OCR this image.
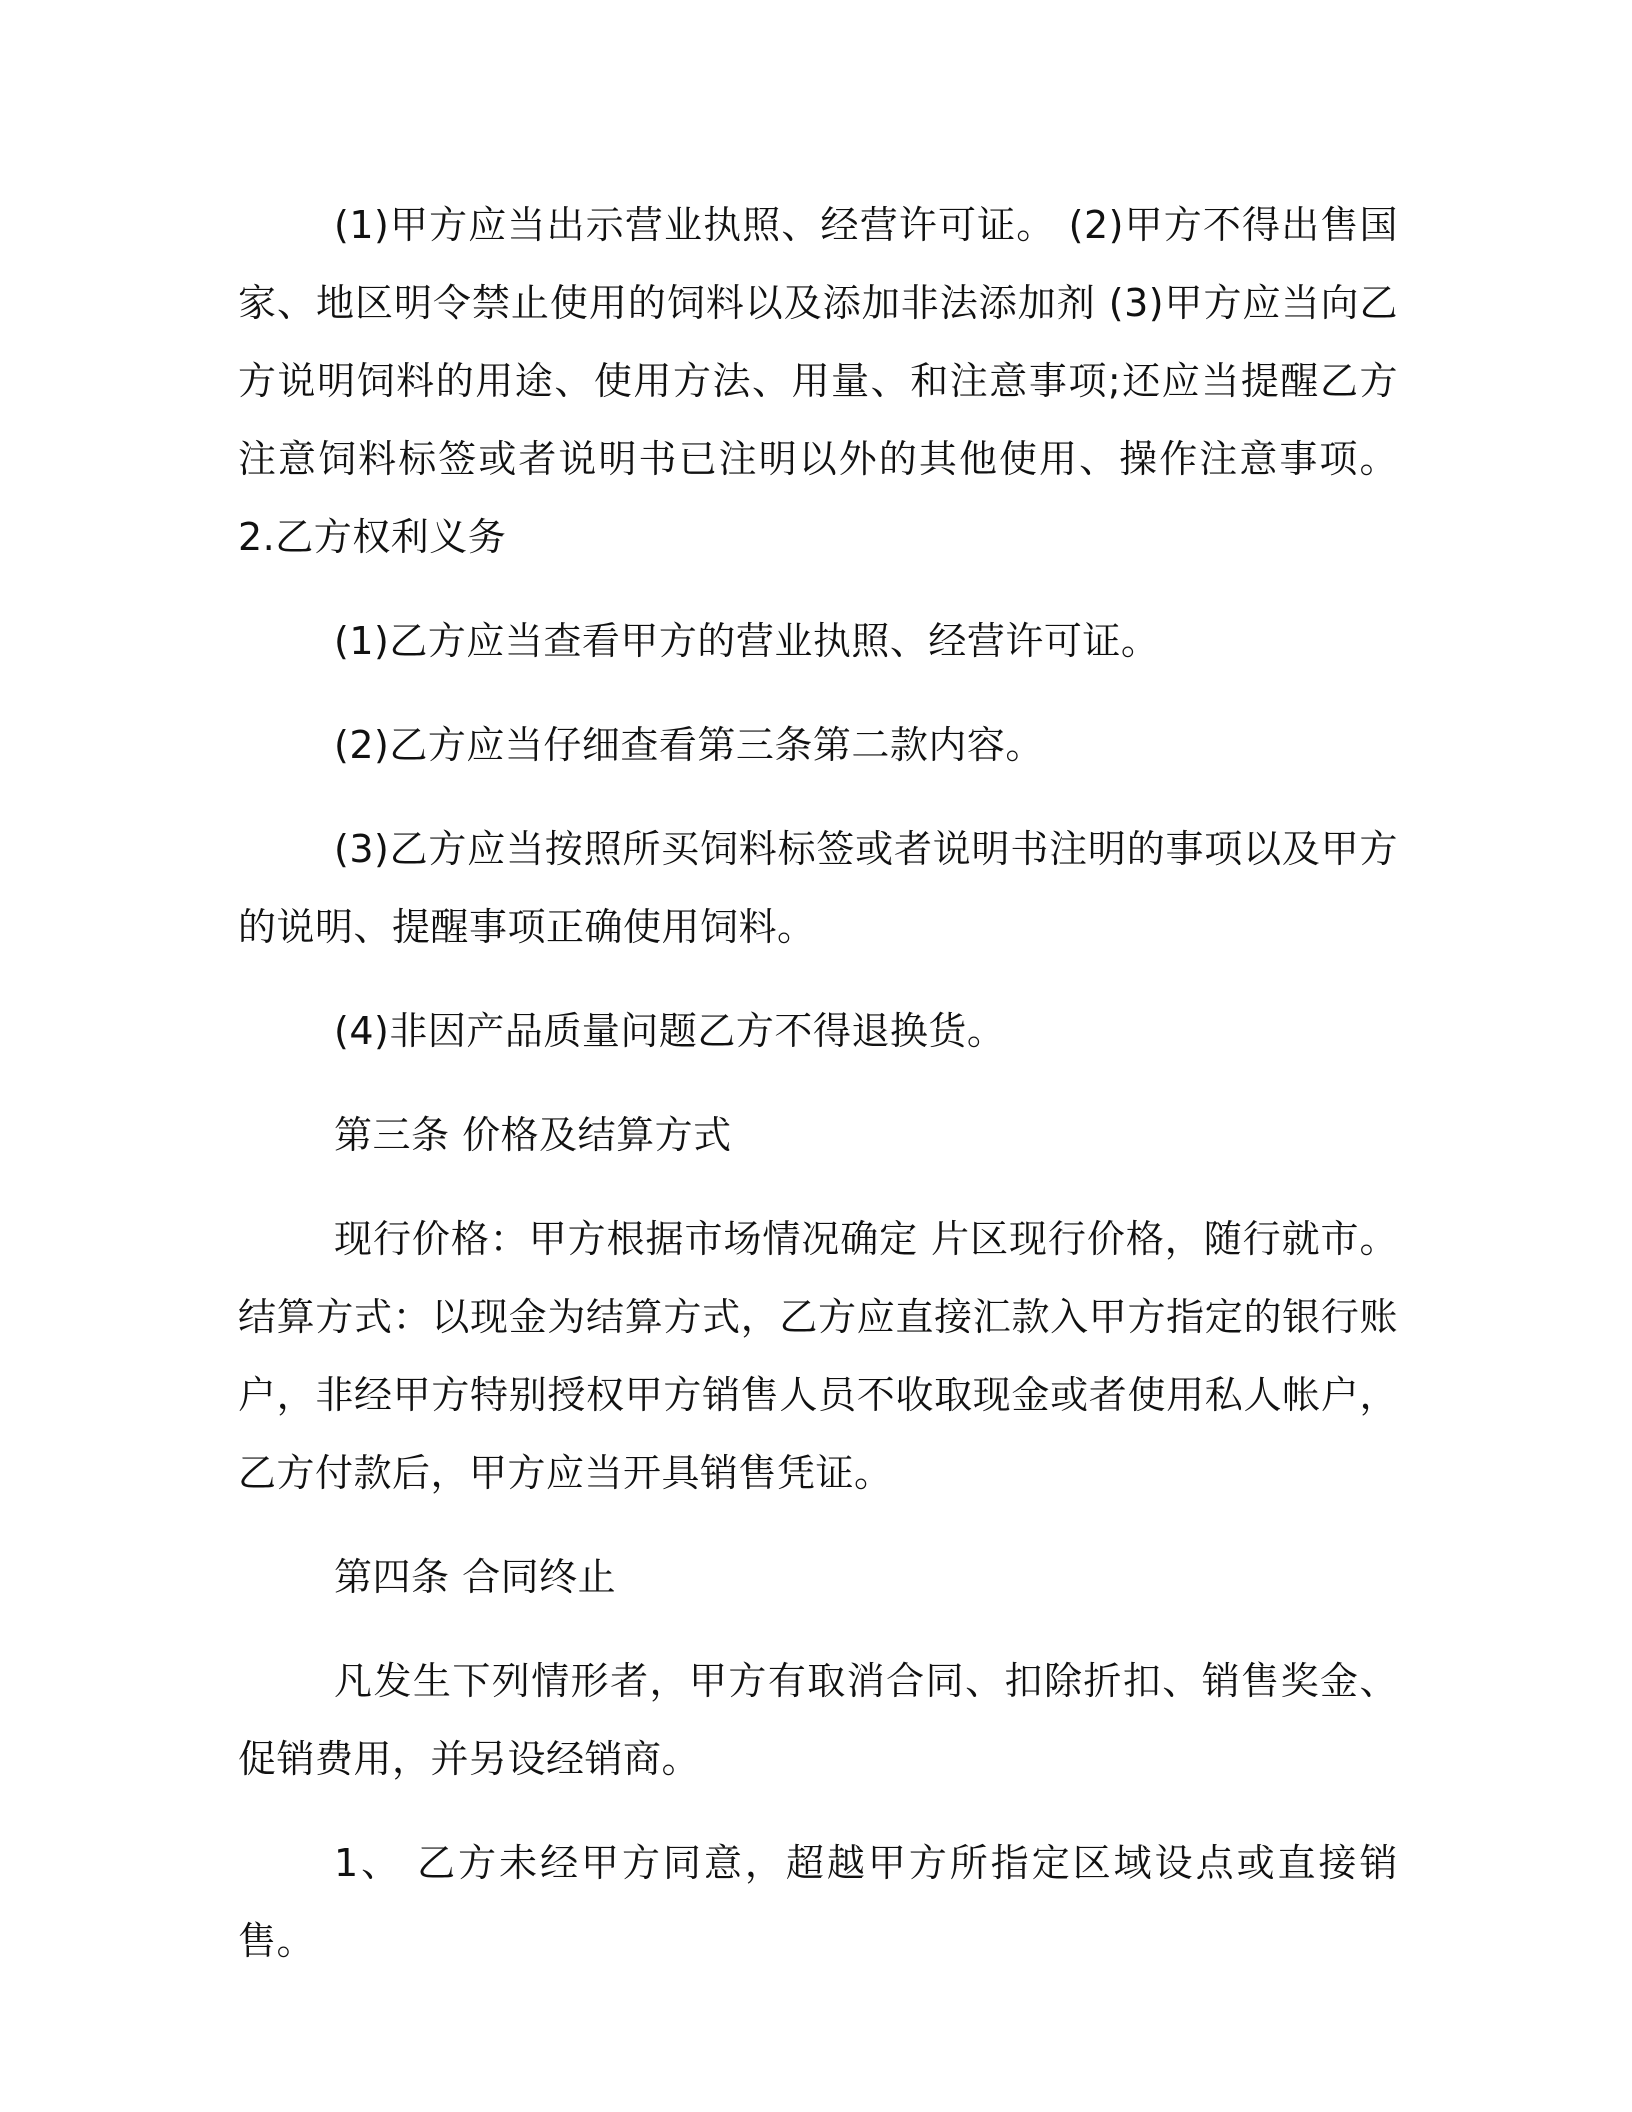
(1)甲方应当出示营业执照、经营许可证。 (2)甲方不得出售国家、地区明令禁止使用的饲料以及添加非法添加剂 (3)甲方应当向乙方说明饲料的用途、使用方法、用量、和注意事项;还应当提醒乙方注意饲料标签或者说明书已注明以外的其他使用、操作注意事项。 2.乙方权利义务

(1)乙方应当查看甲方的营业执照、经营许可证。

(2)乙方应当仔细查看第三条第二款内容。

(3)乙方应当按照所买饲料标签或者说明书注明的事项以及甲方的说明、提醒事项正确使用饲料。

(4)非因产品质量问题乙方不得退换货。

第三条 价格及结算方式

现行价格：甲方根据市场情况确定 片区现行价格，随行就市。结算方式：以现金为结算方式，乙方应直接汇款入甲方指定的银行账户，非经甲方特别授权甲方销售人员不收取现金或者使用私人帐户，乙方付款后，甲方应当开具销售凭证。

第四条 合同终止

凡发生下列情形者，甲方有取消合同、扣除折扣、销售奖金、促销费用，并另设经销商。

1、 乙方未经甲方同意，超越甲方所指定区域设点或直接销售。
